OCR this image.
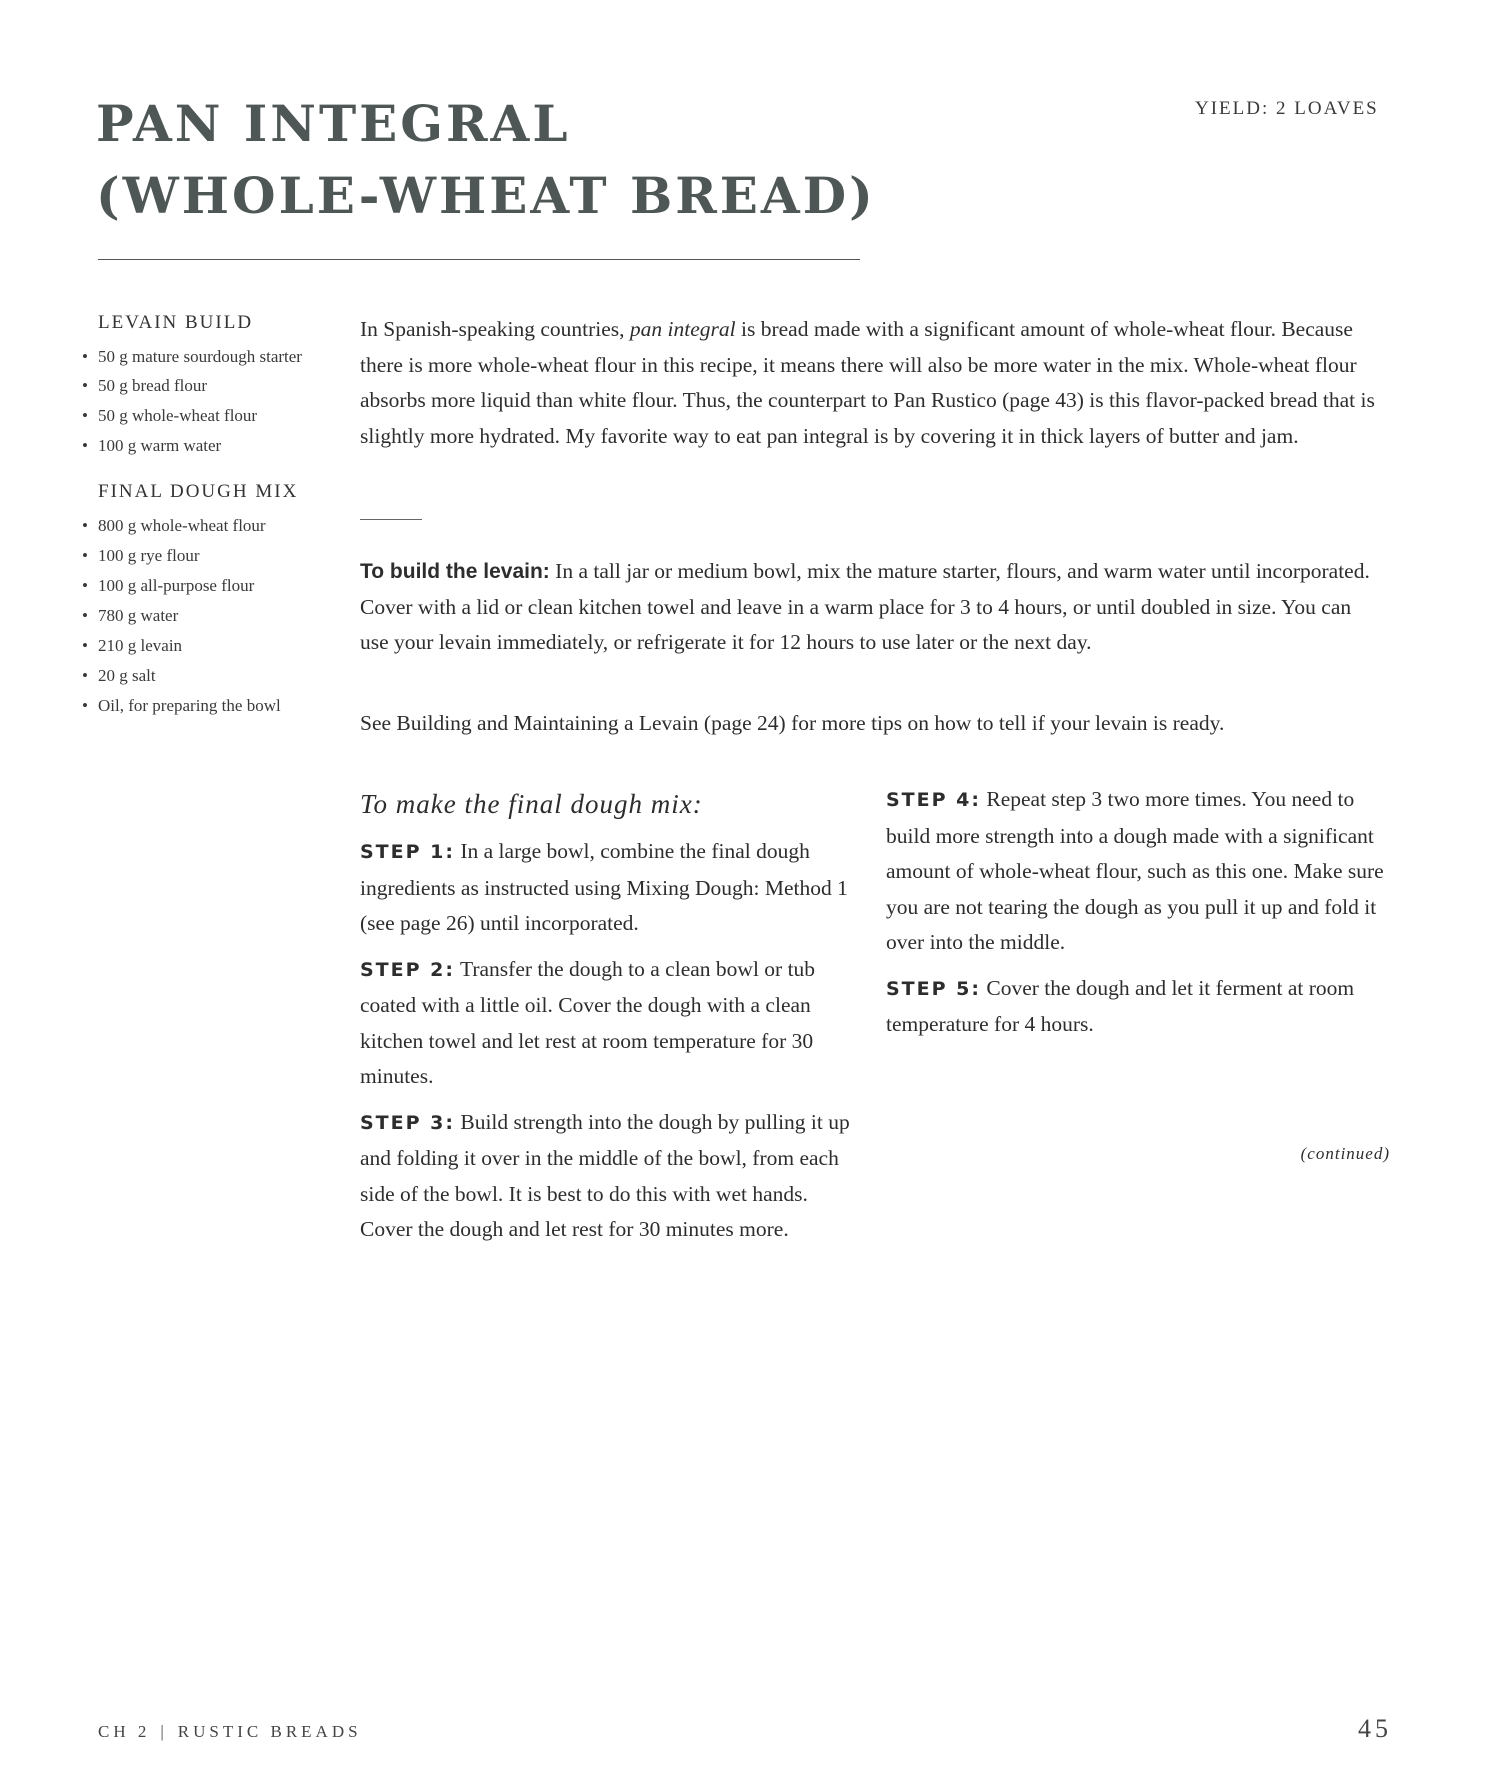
PAN INTEGRAL
(WHOLE-WHEAT BREAD)
YIELD: 2 LOAVES
LEVAIN BUILD
• 50 g mature sourdough starter
• 50 g bread flour
• 50 g whole-wheat flour
• 100 g warm water
FINAL DOUGH MIX
• 800 g whole-wheat flour
• 100 g rye flour
• 100 g all-purpose flour
• 780 g water
• 210 g levain
• 20 g salt
• Oil, for preparing the bowl

In Spanish-speaking countries, pan integral is bread made with a significant amount of whole-wheat flour. Because there is more whole-wheat flour in this recipe, it means there will also be more water in the mix. Whole-wheat flour absorbs more liquid than white flour. Thus, the counterpart to Pan Rustico (page 43) is this flavor-packed bread that is slightly more hydrated. My favorite way to eat pan integral is by covering it in thick layers of butter and jam.

To build the levain: In a tall jar or medium bowl, mix the mature starter, flours, and warm water until incorporated. Cover with a lid or clean kitchen towel and leave in a warm place for 3 to 4 hours, or until doubled in size. You can use your levain immediately, or refrigerate it for 12 hours to use later or the next day.

See Building and Maintaining a Levain (page 24) for more tips on how to tell if your levain is ready.

To make the final dough mix:

STEP 1: In a large bowl, combine the final dough ingredients as instructed using Mixing Dough: Method 1 (see page 26) until incorporated.

STEP 2: Transfer the dough to a clean bowl or tub coated with a little oil. Cover the dough with a clean kitchen towel and let rest at room temperature for 30 minutes.

STEP 3: Build strength into the dough by pulling it up and folding it over in the middle of the bowl, from each side of the bowl. It is best to do this with wet hands. Cover the dough and let rest for 30 minutes more.

STEP 4: Repeat step 3 two more times. You need to build more strength into a dough made with a significant amount of whole-wheat flour, such as this one. Make sure you are not tearing the dough as you pull it up and fold it over into the middle.

STEP 5: Cover the dough and let it ferment at room temperature for 4 hours.

(continued)
CH 2 | RUSTIC BREADS	45
